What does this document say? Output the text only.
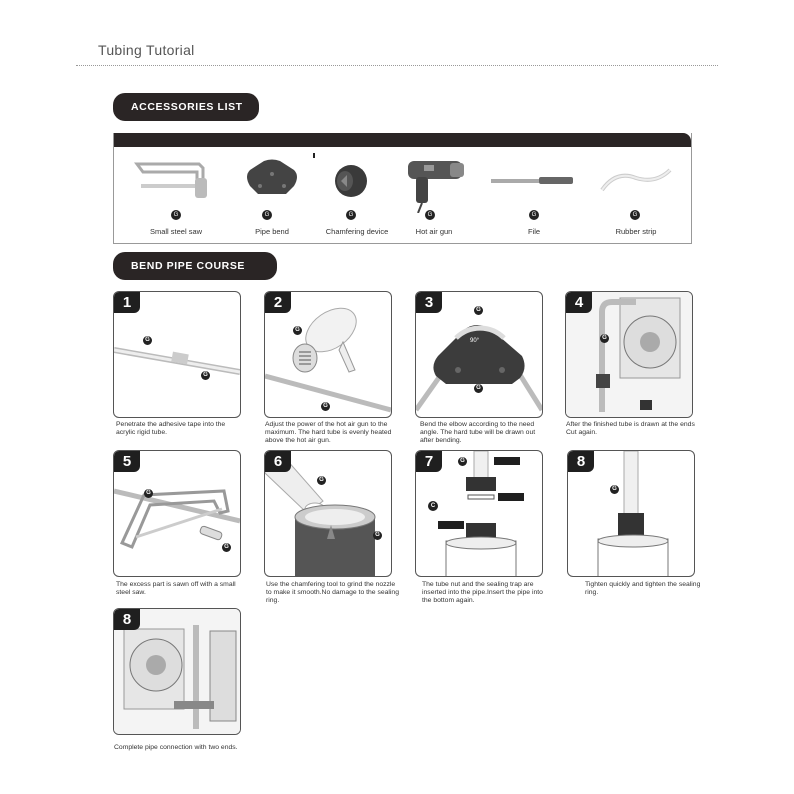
Tubing Tutorial
ACCESSORIES LIST
G
Small steel saw
G
Pipe bend
G
Chamfering device
G
Hot air gun
G
File
G
Rubber strip
BEND PIPE COURSE
1
G
G
Penetrate the adhesive tape into the acrylic rigid tube.
2
G
G
Adjust the power of the hot air gun to the maximum. The hard tube is evenly heated above the hot air gun.
3
90°
G
G
Bend the elbow according to the need angle. The hard tube will be drawn out after bending.
4
G
After the finished tube is drawn at the ends Cut again.
5
G
G
The excess part is sawn off with a small steel saw.
6
G
G
Use the chamfering tool to grind the nozzle to make it smooth.No damage to the sealing ring.
7	G
C
The tube nut and the sealing trap are inserted into the pipe.Insert the pipe into the bottom again.
8
G
Tighten quickly and tighten the sealing ring.
8
Complete pipe connection with two ends.
